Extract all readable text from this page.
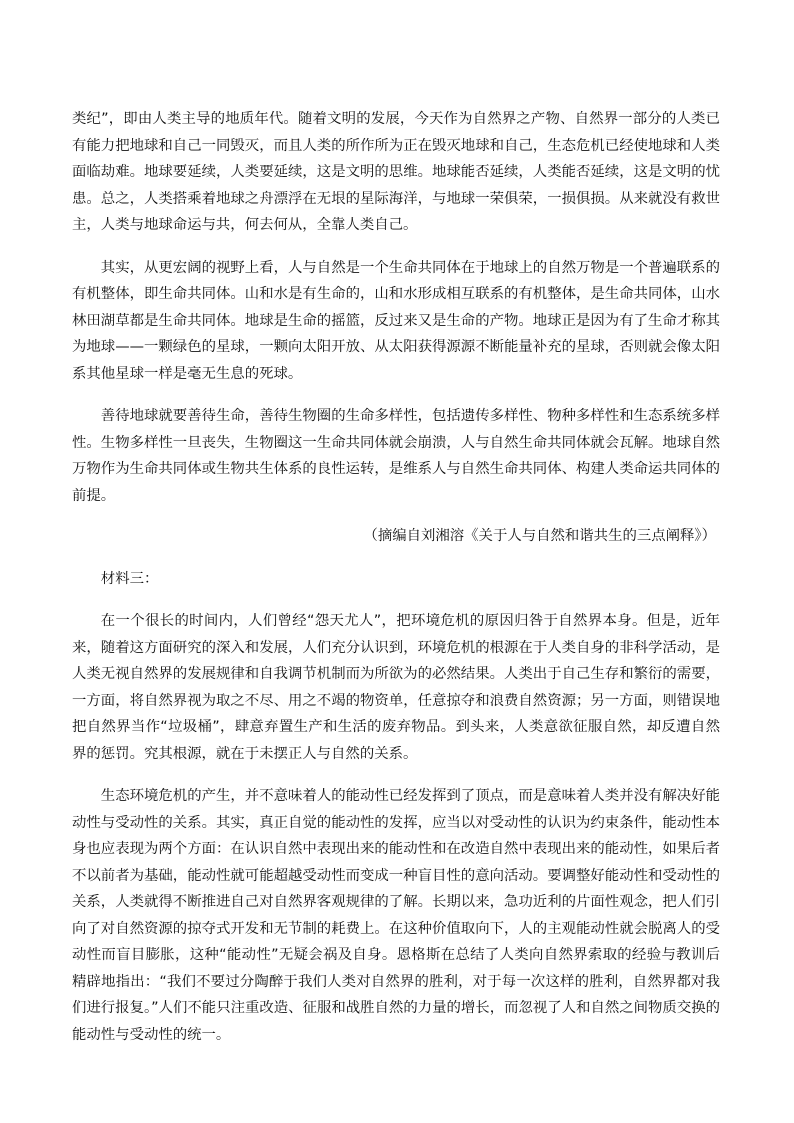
类纪”，即由人类主导的地质年代。随着文明的发展，今天作为自然界之产物、自然界一部分的人类已有能力把地球和自己一同毁灭，而且人类的所作所为正在毁灭地球和自己，生态危机已经使地球和人类面临劫难。地球要延续，人类要延续，这是文明的思维。地球能否延续，人类能否延续，这是文明的忧患。总之，人类搭乘着地球之舟漂浮在无垠的星际海洋，与地球一荣俱荣，一损俱损。从来就没有救世主，人类与地球命运与共，何去何从，全靠人类自己。

其实，从更宏阔的视野上看，人与自然是一个生命共同体在于地球上的自然万物是一个普遍联系的有机整体，即生命共同体。山和水是有生命的，山和水形成相互联系的有机整体，是生命共同体，山水林田湖草都是生命共同体。地球是生命的摇篮，反过来又是生命的产物。地球正是因为有了生命才称其为地球——一颗绿色的星球，一颗向太阳开放、从太阳获得源源不断能量补充的星球，否则就会像太阳系其他星球一样是毫无生息的死球。

善待地球就要善待生命，善待生物圈的生命多样性，包括遗传多样性、物种多样性和生态系统多样性。生物多样性一旦丧失，生物圈这一生命共同体就会崩溃，人与自然生命共同体就会瓦解。地球自然万物作为生命共同体或生物共生体系的良性运转，是维系人与自然生命共同体、构建人类命运共同体的前提。

（摘编自刘湘溶《关于人与自然和谐共生的三点阐释》）

材料三：

在一个很长的时间内，人们曾经“怨天尤人”，把环境危机的原因归咎于自然界本身。但是，近年来，随着这方面研究的深入和发展，人们充分认识到，环境危机的根源在于人类自身的非科学活动，是人类无视自然界的发展规律和自我调节机制而为所欲为的必然结果。人类出于自己生存和繁衍的需要，一方面，将自然界视为取之不尽、用之不竭的物资单，任意掠夺和浪费自然资源；另一方面，则错误地把自然界当作“垃圾桶”，肆意弃置生产和生活的废弃物品。到头来，人类意欲征服自然，却反遭自然界的惩罚。究其根源，就在于未摆正人与自然的关系。

生态环境危机的产生，并不意味着人的能动性已经发挥到了顶点，而是意味着人类并没有解决好能动性与受动性的关系。其实，真正自觉的能动性的发挥，应当以对受动性的认识为约束条件，能动性本身也应表现为两个方面：在认识自然中表现出来的能动性和在改造自然中表现出来的能动性，如果后者不以前者为基础，能动性就可能超越受动性而变成一种盲目性的意向活动。要调整好能动性和受动性的关系，人类就得不断推进自己对自然界客观规律的了解。长期以来，急功近利的片面性观念，把人们引向了对自然资源的掠夺式开发和无节制的耗费上。在这种价值取向下，人的主观能动性就会脱离人的受动性而盲目膨胀，这种“能动性”无疑会祸及自身。恩格斯在总结了人类向自然界索取的经验与教训后精辟地指出：“我们不要过分陶醉于我们人类对自然界的胜利，对于每一次这样的胜利，自然界都对我们进行报复。”人们不能只注重改造、征服和战胜自然的力量的增长，而忽视了人和自然之间物质交换的能动性与受动性的统一。
